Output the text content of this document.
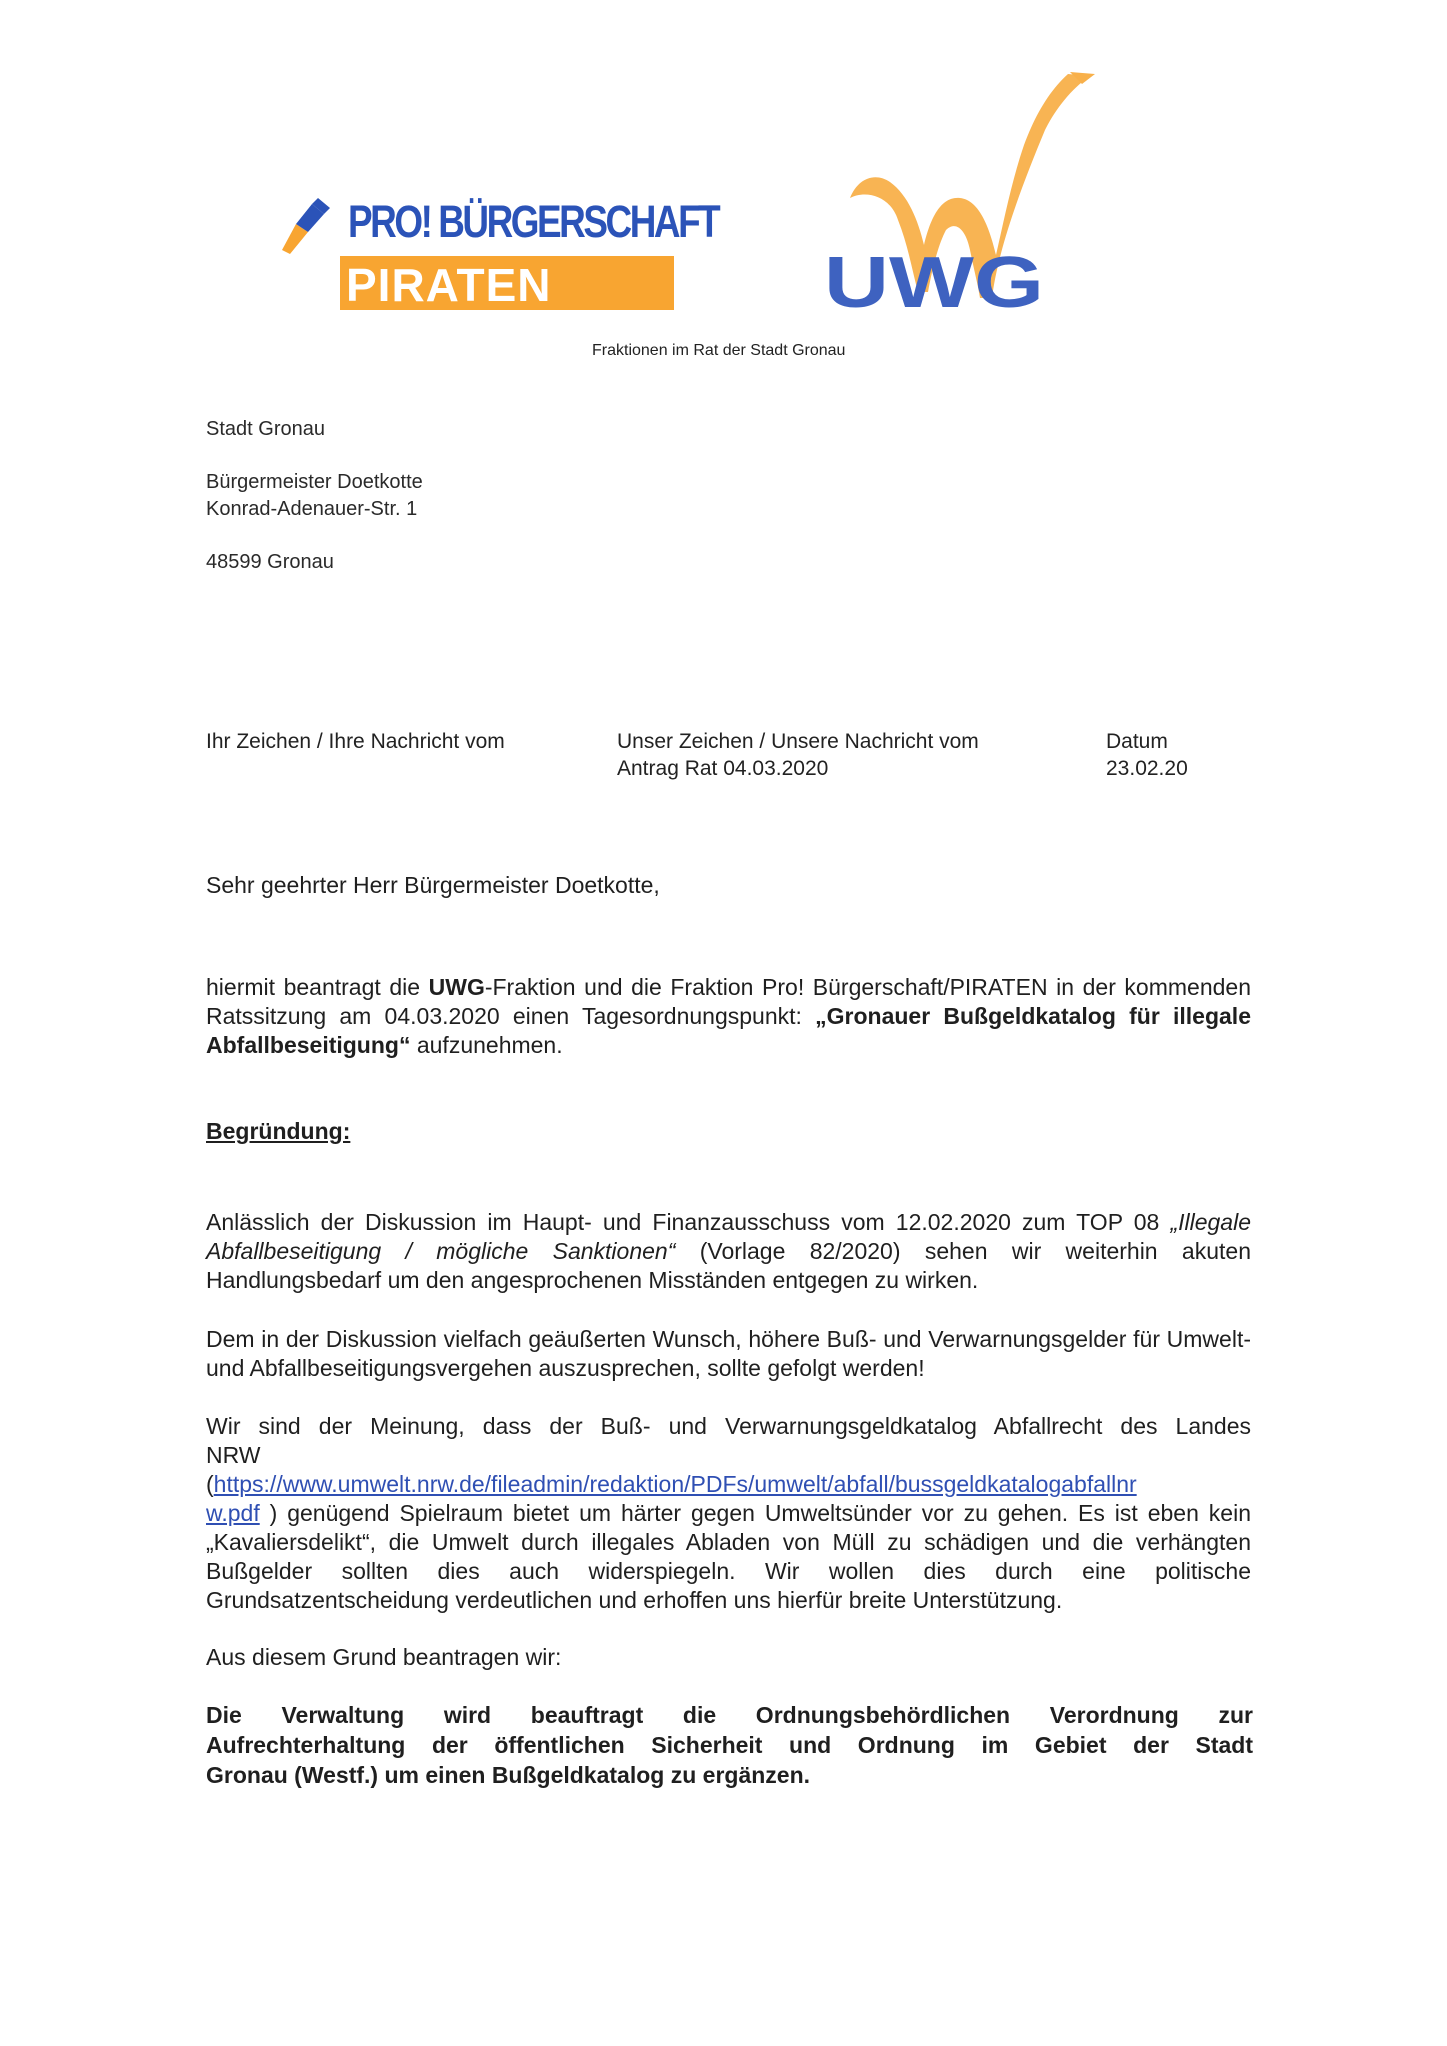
PRO! BÜRGERSCHAFT
PIRATEN	UWG
Fraktionen im Rat der Stadt Gronau
Stadt Gronau
Bürgermeister Doetkotte
Konrad-Adenauer-Str. 1
48599 Gronau
Ihr Zeichen / Ihre Nachricht vom	Unser Zeichen / Unsere Nachricht vom
Antrag Rat 04.03.2020
Datum
23.02.20
Sehr geehrter Herr Bürgermeister Doetkotte,

hiermit beantragt die UWG-Fraktion und die Fraktion Pro! Bürgerschaft/PIRATEN in der kommenden Ratssitzung am 04.03.2020 einen Tagesordnungspunkt: „Gronauer Bußgeldkatalog für illegale Abfallbeseitigung“ aufzunehmen.

Begründung:

Anlässlich der Diskussion im Haupt- und Finanzausschuss vom 12.02.2020 zum TOP 08 „Illegale Abfallbeseitigung / mögliche Sanktionen“ (Vorlage 82/2020) sehen wir weiterhin akuten Handlungsbedarf um den angesprochenen Misständen entgegen zu wirken.

Dem in der Diskussion vielfach geäußerten Wunsch, höhere Buß- und Verwarnungsgelder für Umwelt- und Abfallbeseitigungsvergehen auszusprechen, sollte gefolgt werden!

Wir sind der Meinung, dass der Buß- und Verwarnungsgeldkatalog Abfallrecht des Landes
NRW

(https://www.umwelt.nrw.de/fileadmin/redaktion/PDFs/umwelt/abfall/bussgeldkatalogabfallnr
w.pdf ) genügend Spielraum bietet um härter gegen Umweltsünder vor zu gehen. Es ist eben kein „Kavaliersdelikt“, die Umwelt durch illegales Abladen von Müll zu schädigen und die verhängten Bußgelder sollten dies auch widerspiegeln. Wir wollen dies durch eine politische Grundsatzentscheidung verdeutlichen und erhoffen uns hierfür breite Unterstützung.

Aus diesem Grund beantragen wir:

Die Verwaltung wird beauftragt die Ordnungsbehördlichen Verordnung zur
Aufrechterhaltung der öffentlichen Sicherheit und Ordnung im Gebiet der Stadt
Gronau (Westf.) um einen Bußgeldkatalog zu ergänzen.
